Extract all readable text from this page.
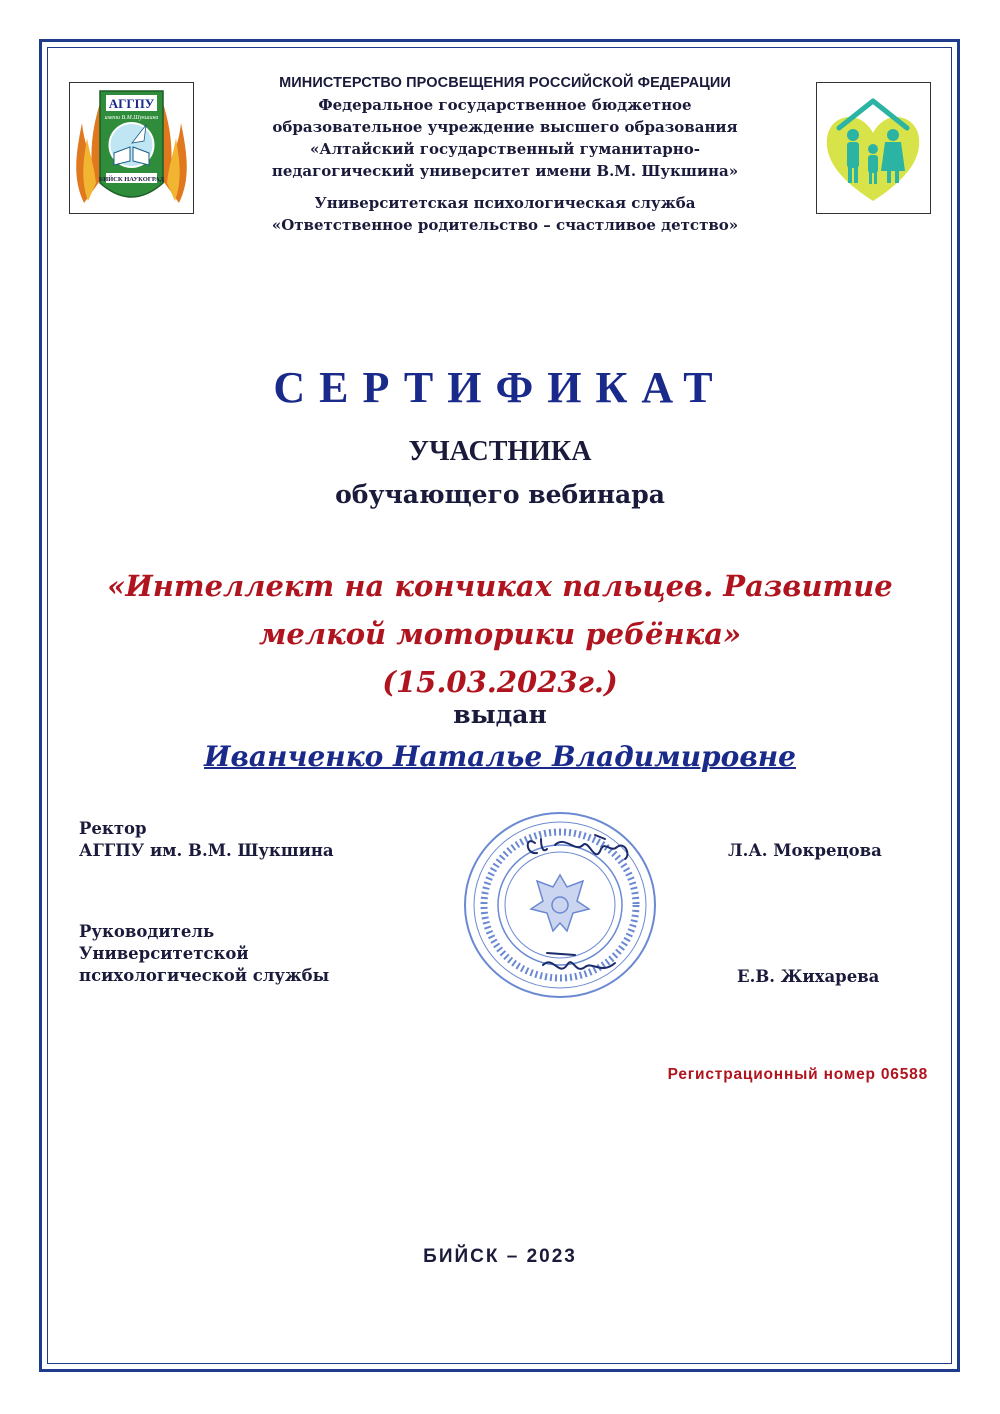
АГГПУ
имени В.М.Шукшина
БИЙСК НАУКОГРАД
МИНИСТЕРСТВО ПРОСВЕЩЕНИЯ РОССИЙСКОЙ ФЕДЕРАЦИИ
Федеральное государственное бюджетное
образовательное учреждение высшего образования
«Алтайский государственный гуманитарно-
педагогический университет имени В.М. Шукшина»
Университетская психологическая служба
«Ответственное родительство – счастливое детство»
СЕРТИФИКАТ
УЧАСТНИКА
обучающего вебинара
«Интеллект на кончиках пальцев. Развитие
мелкой моторики ребёнка»
(15.03.2023г.)
выдан
Иванченко Наталье Владимировне
Ректор
АГГПУ им. В.М. Шукшина	Л.А. Мокрецова
Руководитель
Университетской
психологической службы	Е.В. Жихарева
Регистрационный номер 06588
БИЙСК – 2023
